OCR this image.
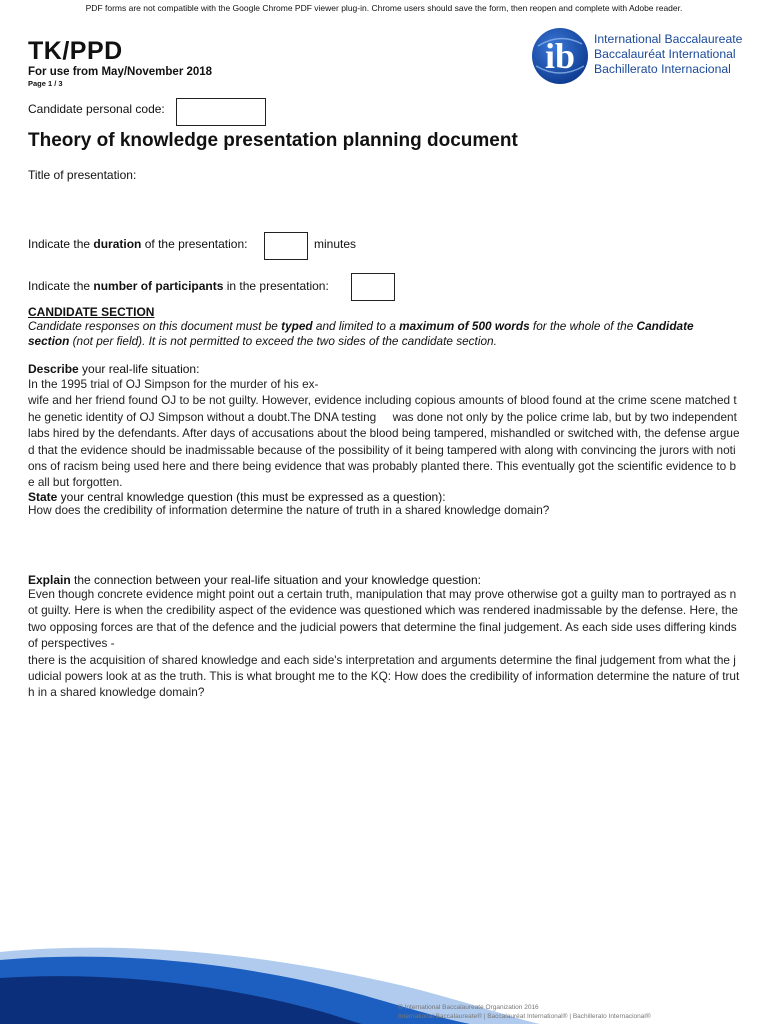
PDF forms are not compatible with the Google Chrome PDF viewer plug-in. Chrome users should save the form, then reopen and complete with Adobe reader.
TK/PPD
For use from May/November 2018
Page 1 / 3
ib International Baccalaureate
Baccalauréat International
Bachillerato Internacional
Candidate personal code:
Theory of knowledge presentation planning document
Title of presentation:
Indicate the duration of the presentation:	minutes
Indicate the number of participants in the presentation:
CANDIDATE SECTION
Candidate responses on this document must be typed and limited to a maximum of 500 words for the whole of the Candidate section (not per field). It is not permitted to exceed the two sides of the candidate section.
Describe your real-life situation:
In the 1995 trial of OJ Simpson for the murder of his ex-
wife and her friend found OJ to be not guilty. However, evidence including copious amounts of blood found at the crime scene matched the genetic identity of OJ Simpson without a doubt.The DNA testing     was done not only by the police crime lab, but by two independent labs hired by the defendants. After days of accusations about the blood being tampered, mishandled or switched with, the defense argued that the evidence should be inadmissable because of the possibility of it being tampered with along with convincing the jurors with notions of racism being used here and there being evidence that was probably planted there. This eventually got the scientific evidence to be all but forgotten.
State your central knowledge question (this must be expressed as a question):
How does the credibility of information determine the nature of truth in a shared knowledge domain?
Explain the connection between your real-life situation and your knowledge question:
Even though concrete evidence might point out a certain truth, manipulation that may prove otherwise got a guilty man to portrayed as not guilty. Here is when the credibility aspect of the evidence was questioned which was rendered inadmissable by the defense. Here, the two opposing forces are that of the defence and the judicial powers that determine the final judgement. As each side uses differing kinds of perspectives -
there is the acquisition of shared knowledge and each side's interpretation and arguments determine the final judgement from what the judicial powers look at as the truth. This is what brought me to the KQ: How does the credibility of information determine the nature of truth in a shared knowledge domain?
© International Baccalaureate Organization 2016
International Baccalaureate® | Baccalauréat International® | Bachillerato Internacional®
